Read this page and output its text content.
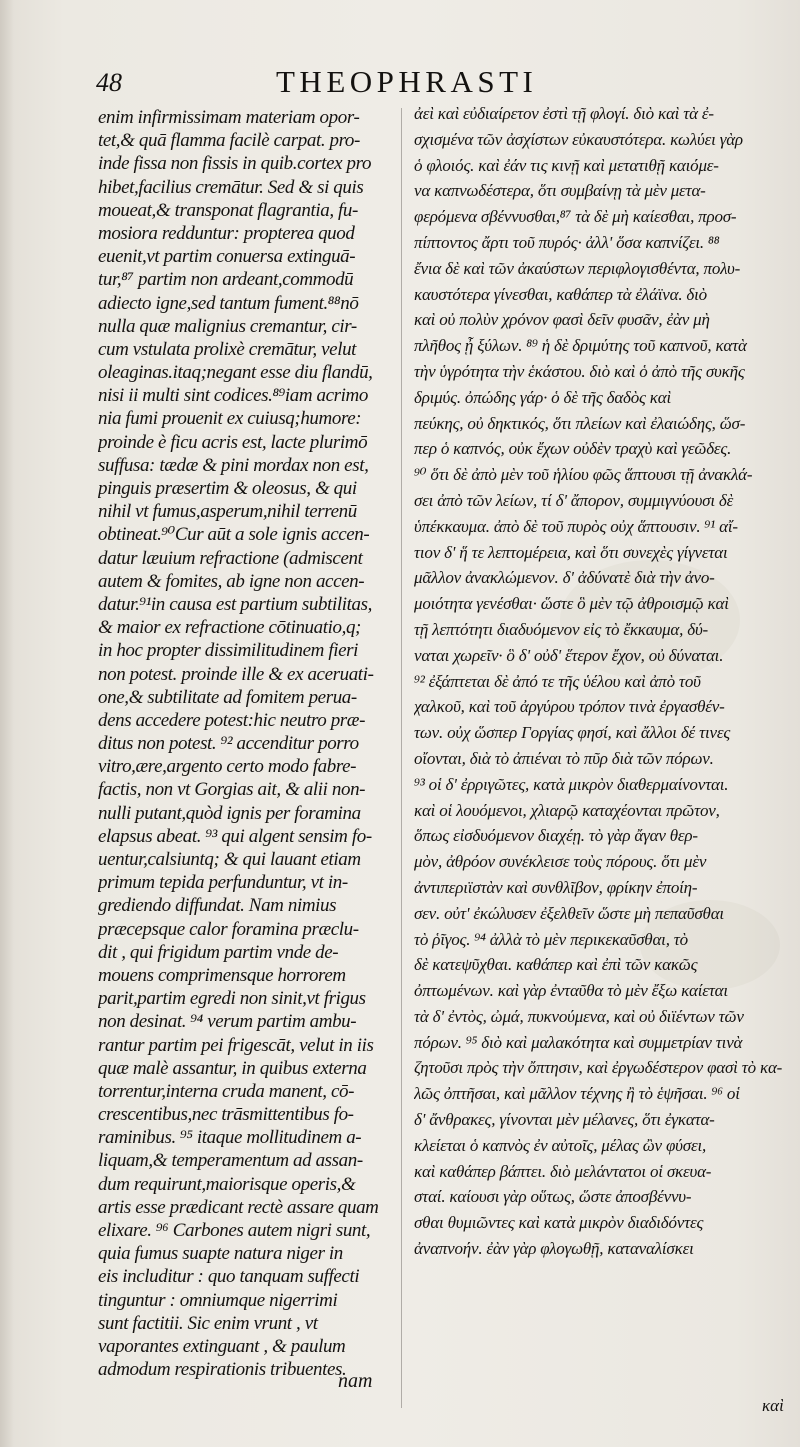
48	THEOPHRASTI
enim infirmissimam materiam opor-
tet,& quā flamma facilè carpat. pro-
inde fissa non fissis in quib.cortex pro
hibet,facilius cremātur. Sed & si quis
moueat,& transponat flagrantia, fu-
mosiora redduntur: propterea quod
euenit,vt partim conuersa extinguā-
tur,⁸⁷ partim non ardeant,commodū
adiecto igne,sed tantum fument.⁸⁸nō
nulla quæ malignius cremantur, cir-
cum vstulata prolixè cremātur, velut
oleaginas.itaq;negant esse diu flandū,
nisi ii multi sint codices.⁸⁹iam acrimo
nia fumi prouenit ex cuiusq;humore:
proinde è ficu acris est, lacte plurimō
suffusa: tædæ & pini mordax non est,
pinguis præsertim & oleosus, & qui
nihil vt fumus,asperum,nihil terrenū
obtineat.⁹⁰Cur aūt a sole ignis accen-
datur læuium refractione (admiscent
autem & fomites, ab igne non accen-
datur.⁹¹in causa est partium subtilitas,
& maior ex refractione cōtinuatio,q;
in hoc propter dissimilitudinem fieri
non potest. proinde ille & ex aceruati-
one,& subtilitate ad fomitem perua-
dens accedere potest:hic neutro præ-
ditus non potest. ⁹² accenditur porro
vitro,ære,argento certo modo fabre-
factis, non vt Gorgias ait, & alii non-
nulli putant,quòd ignis per foramina
elapsus abeat. ⁹³ qui algent sensim fo-
uentur,calsiuntq; & qui lauant etiam
primum tepida perfunduntur, vt in-
grediendo diffundat. Nam nimius
præcepsque calor foramina præclu-
dit , qui frigidum partim vnde de-
mouens comprimensque horrorem
parit,partim egredi non sinit,vt frigus
non desinat. ⁹⁴ verum partim ambu-
rantur partim pei frigescāt, velut in iis
quæ malè assantur, in quibus externa
torrentur,interna cruda manent, cō-
crescentibus,nec trāsmittentibus fo-
raminibus. ⁹⁵ itaque mollitudinem a-
liquam,& temperamentum ad assan-
dum requirunt,maiorisque operis,&
artis esse prædicant rectè assare quam
elixare. ⁹⁶ Carbones autem nigri sunt,
quia fumus suapte natura niger in
eis includitur : quo tanquam suffecti
tinguntur : omniumque nigerrimi
sunt factitii. Sic enim vrunt , vt
vaporantes extinguant , & paulum
admodum respirationis tribuentes.
ἀεὶ καὶ εὐδιαίρετον ἐστὶ τῇ φλογί. διὸ καὶ τὰ ἐ-
σχισμένα τῶν ἀσχίστων εὐκαυστότερα. κωλύει γὰρ
ὁ φλοιός. καὶ ἐάν τις κινῇ καὶ μετατιθῇ καιόμε-
να καπνωδέστερα, ὅτι συμβαίνῃ τὰ μὲν μετα-
φερόμενα σβέννυσθαι,⁸⁷ τὰ δὲ μὴ καίεσθαι, προσ-
πίπτοντος ἄρτι τοῦ πυρός· ἀλλ' ὅσα καπνίζει. ⁸⁸
ἔνια δὲ καὶ τῶν ἀκαύστων περιφλογισθέντα, πολυ-
καυστότερα γίνεσθαι, καθάπερ τὰ ἐλάϊνα. διὸ
καὶ οὐ πολὺν χρόνον φασὶ δεῖν φυσᾶν, ἐὰν μὴ
πλῆθος ᾖ ξύλων. ⁸⁹ ἡ δὲ δριμύτης τοῦ καπνοῦ, κατὰ
τὴν ὑγρότητα τὴν ἑκάστου. διὸ καὶ ὁ ἀπὸ τῆς συκῆς
δριμύς. ὀπώδης γάρ· ὁ δὲ τῆς δαδὸς καὶ
πεύκης, οὐ δηκτικός, ὅτι πλείων καὶ ἐλαιώδης, ὥσ-
περ ὁ καπνός, οὐκ ἔχων οὐδὲν τραχὺ καὶ γεῶδες.
⁹⁰ ὅτι δὲ ἀπὸ μὲν τοῦ ἡλίου φῶς ἅπτουσι τῇ ἀνακλά-
σει ἀπὸ τῶν λείων, τί δ' ἄπορον, συμμιγνύουσι δὲ
ὑπέκκαυμα. ἀπὸ δὲ τοῦ πυρὸς οὐχ ἅπτουσιν. ⁹¹ αἴ-
τιον δ' ἥ τε λεπτομέρεια, καὶ ὅτι συνεχὲς γίγνεται
μᾶλλον ἀνακλώμενον. δ' ἀδύνατὲ διὰ τὴν ἀνο-
μοιότητα γενέσθαι· ὥστε ὃ μὲν τῷ ἀθροισμῷ καὶ
τῇ λεπτότητι διαδυόμενον εἰς τὸ ἔκκαυμα, δύ-
ναται χωρεῖν· ὃ δ' οὐδ' ἕτερον ἔχον, οὐ δύναται.
⁹² ἐξάπτεται δὲ ἀπό τε τῆς ὑέλου καὶ ἀπὸ τοῦ
χαλκοῦ, καὶ τοῦ ἀργύρου τρόπον τινὰ ἐργασθέν-
των. οὐχ ὥσπερ Γοργίας φησί, καὶ ἄλλοι δέ τινες
οἴονται, διὰ τὸ ἀπιέναι τὸ πῦρ διὰ τῶν πόρων.
⁹³ οἱ δ' ἐρριγῶτες, κατὰ μικρὸν διαθερμαίνονται.
καὶ οἱ λουόμενοι, χλιαρῷ καταχέονται πρῶτον,
ὅπως εἰσδυόμενον διαχέῃ. τὸ γὰρ ἄγαν θερ-
μὸν, ἀθρόον συνέκλεισε τοὺς πόρους. ὅτι μὲν
ἀντιπεριϊστὰν καὶ συνθλῖβον, φρίκην ἐποίη-
σεν. οὐτ' ἐκώλυσεν ἐξελθεῖν ὥστε μὴ πεπαῦσθαι
τὸ ῥῖγος. ⁹⁴ ἀλλὰ τὸ μὲν περικεκαῦσθαι, τὸ
δὲ κατεψῦχθαι. καθάπερ καὶ ἐπὶ τῶν κακῶς
ὀπτωμένων. καὶ γὰρ ἐνταῦθα τὸ μὲν ἔξω καίεται
τὰ δ' ἐντὸς, ὠμά, πυκνούμενα, καὶ οὐ διϊέντων τῶν
πόρων. ⁹⁵ διὸ καὶ μαλακότητα καὶ συμμετρίαν τινὰ
ζητοῦσι πρὸς τὴν ὄπτησιν, καὶ ἐργωδέστερον φασὶ τὸ κα-
λῶς ὀπτῆσαι, καὶ μᾶλλον τέχνης ἢ τὸ ἑψῆσαι. ⁹⁶ οἱ
δ' ἄνθρακες, γίνονται μὲν μέλανες, ὅτι ἐγκατα-
κλείεται ὁ καπνὸς ἐν αὐτοῖς, μέλας ὢν φύσει,
καὶ καθάπερ βάπτει. διὸ μελάντατοι οἱ σκευα-
σταί. καίουσι γὰρ οὕτως, ὥστε ἀποσβέννυ-
σθαι θυμιῶντες καὶ κατὰ μικρὸν διαδιδόντες
ἀναπνοήν. ἐὰν γὰρ φλογωθῇ, καταναλίσκει
nam
καὶ
